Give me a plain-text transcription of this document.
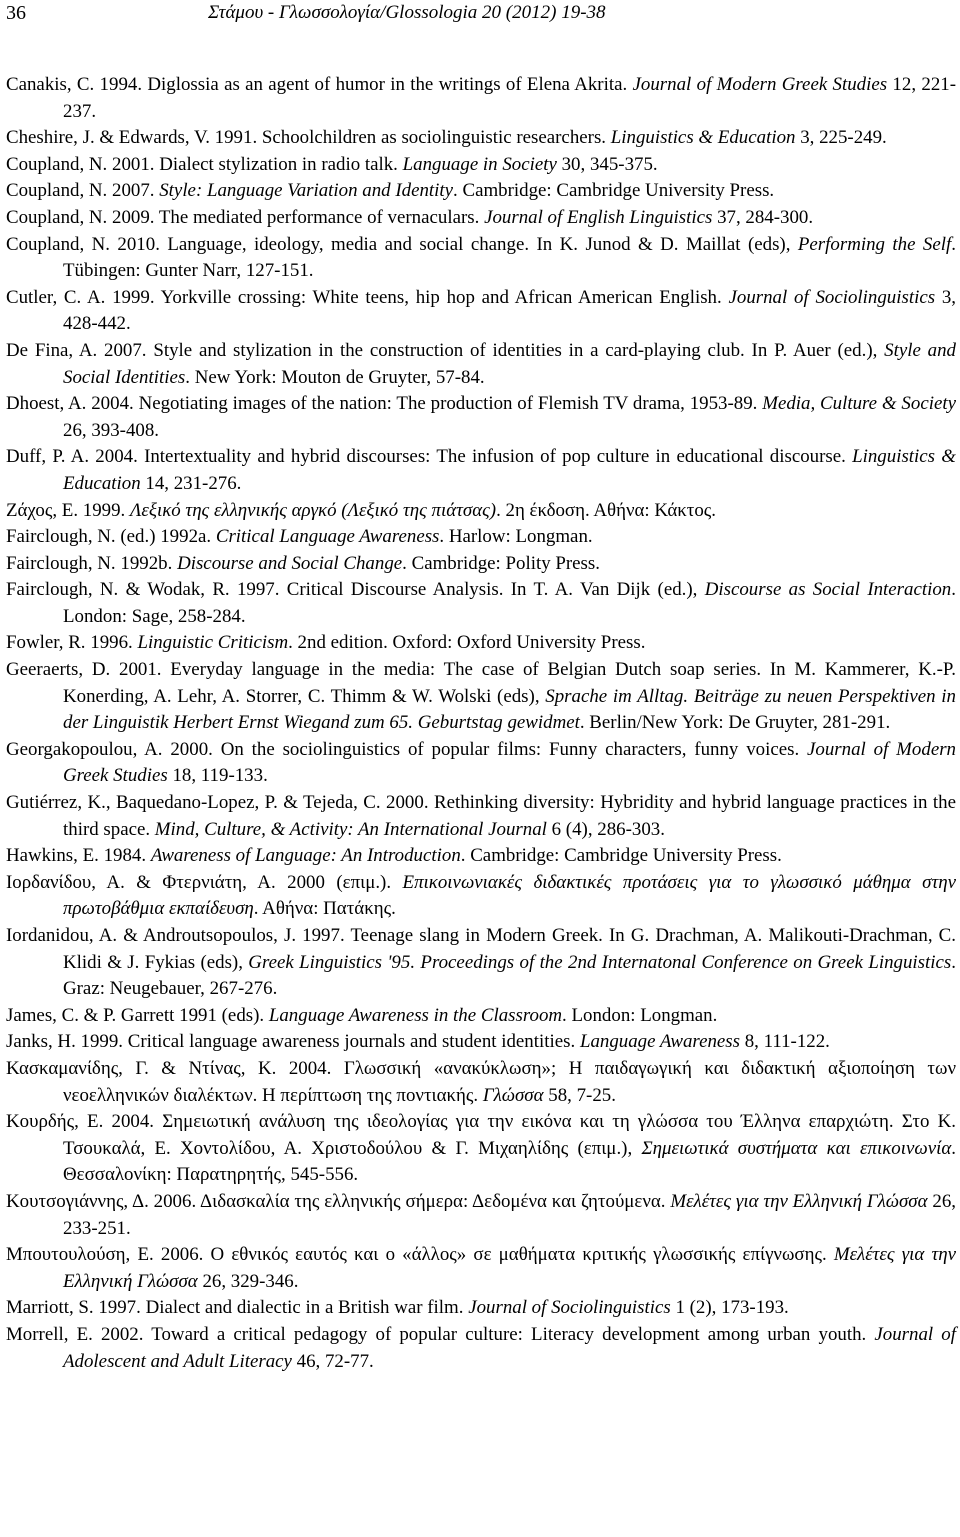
36	Στάμου - Γλωσσολογία/Glossologia 20 (2012) 19-38

Canakis, C. 1994. Diglossia as an agent of humor in the writings of Elena Akrita. Journal of Modern Greek Studies 12, 221-237.

Cheshire, J. & Edwards, V. 1991. Schoolchildren as sociolinguistic researchers. Linguistics & Education 3, 225-249.

Coupland, N. 2001. Dialect stylization in radio talk. Language in Society 30, 345-375.

Coupland, N. 2007. Style: Language Variation and Identity. Cambridge: Cambridge University Press.

Coupland, N. 2009. The mediated performance of vernaculars. Journal of English Linguistics 37, 284-300.

Coupland, N. 2010. Language, ideology, media and social change. In K. Junod & D. Maillat (eds), Performing the Self. Tübingen: Gunter Narr, 127-151.

Cutler, C. A. 1999. Yorkville crossing: White teens, hip hop and African American English. Journal of Sociolinguistics 3, 428-442.

De Fina, A. 2007. Style and stylization in the construction of identities in a card-playing club. In P. Auer (ed.), Style and Social Identities. New York: Mouton de Gruyter, 57-84.

Dhoest, A. 2004. Negotiating images of the nation: The production of Flemish TV drama, 1953-89. Media, Culture & Society 26, 393-408.

Duff, P. A. 2004. Intertextuality and hybrid discourses: The infusion of pop culture in educational discourse. Linguistics & Education 14, 231-276.

Ζάχος, Ε. 1999. Λεξικό της ελληνικής αργκό (Λεξικό της πιάτσας). 2η έκδοση. Αθήνα: Κάκτος.

Fairclough, N. (ed.) 1992a. Critical Language Awareness. Harlow: Longman.

Fairclough, N. 1992b. Discourse and Social Change. Cambridge: Polity Press.

Fairclough, N. & Wodak, R. 1997. Critical Discourse Analysis. In T. A. Van Dijk (ed.), Discourse as Social Interaction. London: Sage, 258-284.

Fowler, R. 1996. Linguistic Criticism. 2nd edition. Oxford: Oxford University Press.

Geeraerts, D. 2001. Everyday language in the media: The case of Belgian Dutch soap series. In M. Kammerer, K.-P. Konerding, A. Lehr, A. Storrer, C. Thimm & W. Wolski (eds), Sprache im Alltag. Beiträge zu neuen Perspektiven in der Linguistik Herbert Ernst Wiegand zum 65. Geburtstag gewidmet. Berlin/New York: De Gruyter, 281-291.

Georgakopoulou, A. 2000. On the sociolinguistics of popular films: Funny characters, funny voices. Journal of Modern Greek Studies 18, 119-133.

Gutiérrez, K., Baquedano-Lopez, P. & Tejeda, C. 2000. Rethinking diversity: Hybridity and hybrid language practices in the third space. Mind, Culture, & Activity: An International Journal 6 (4), 286-303.

Hawkins, E. 1984. Awareness of Language: An Introduction. Cambridge: Cambridge University Press.

Ιορδανίδου, Α. & Φτερνιάτη, Α. 2000 (επιμ.). Επικοινωνιακές διδακτικές προτάσεις για το γλωσσικό μάθημα στην πρωτοβάθμια εκπαίδευση. Αθήνα: Πατάκης.

Iordanidou, A. & Androutsopoulos, J. 1997. Teenage slang in Modern Greek. In G. Drachman, A. Malikouti-Drachman, C. Klidi & J. Fykias (eds), Greek Linguistics '95. Proceedings of the 2nd Internatonal Conference on Greek Linguistics. Graz: Neugebauer, 267-276.

James, C. & P. Garrett 1991 (eds). Language Awareness in the Classroom. London: Longman.

Janks, H. 1999. Critical language awareness journals and student identities. Language Awareness 8, 111-122.

Κασκαμανίδης, Γ. & Ντίνας, Κ. 2004. Γλωσσική «ανακύκλωση»; Η παιδαγωγική και διδακτική αξιοποίηση των νεοελληνικών διαλέκτων. Η περίπτωση της ποντιακής. Γλώσσα 58, 7-25.

Κουρδής, Ε. 2004. Σημειωτική ανάλυση της ιδεολογίας για την εικόνα και τη γλώσσα του Έλληνα επαρχιώτη. Στο Κ. Τσουκαλά, Ε. Χοντολίδου, Α. Χριστοδούλου & Γ. Μιχαηλίδης (επιμ.), Σημειωτικά συστήματα και επικοινωνία. Θεσσαλονίκη: Παρατηρητής, 545-556.

Κουτσογιάννης, Δ. 2006. Διδασκαλία της ελληνικής σήμερα: Δεδομένα και ζητούμενα. Μελέτες για την Ελληνική Γλώσσα 26, 233-251.

Μπουτουλούση, Ε. 2006. Ο εθνικός εαυτός και ο «άλλος» σε μαθήματα κριτικής γλωσσικής επίγνωσης. Μελέτες για την Ελληνική Γλώσσα 26, 329-346.

Marriott, S. 1997. Dialect and dialectic in a British war film. Journal of Sociolinguistics 1 (2), 173-193.

Morrell, E. 2002. Toward a critical pedagogy of popular culture: Literacy development among urban youth. Journal of Adolescent and Adult Literacy 46, 72-77.
